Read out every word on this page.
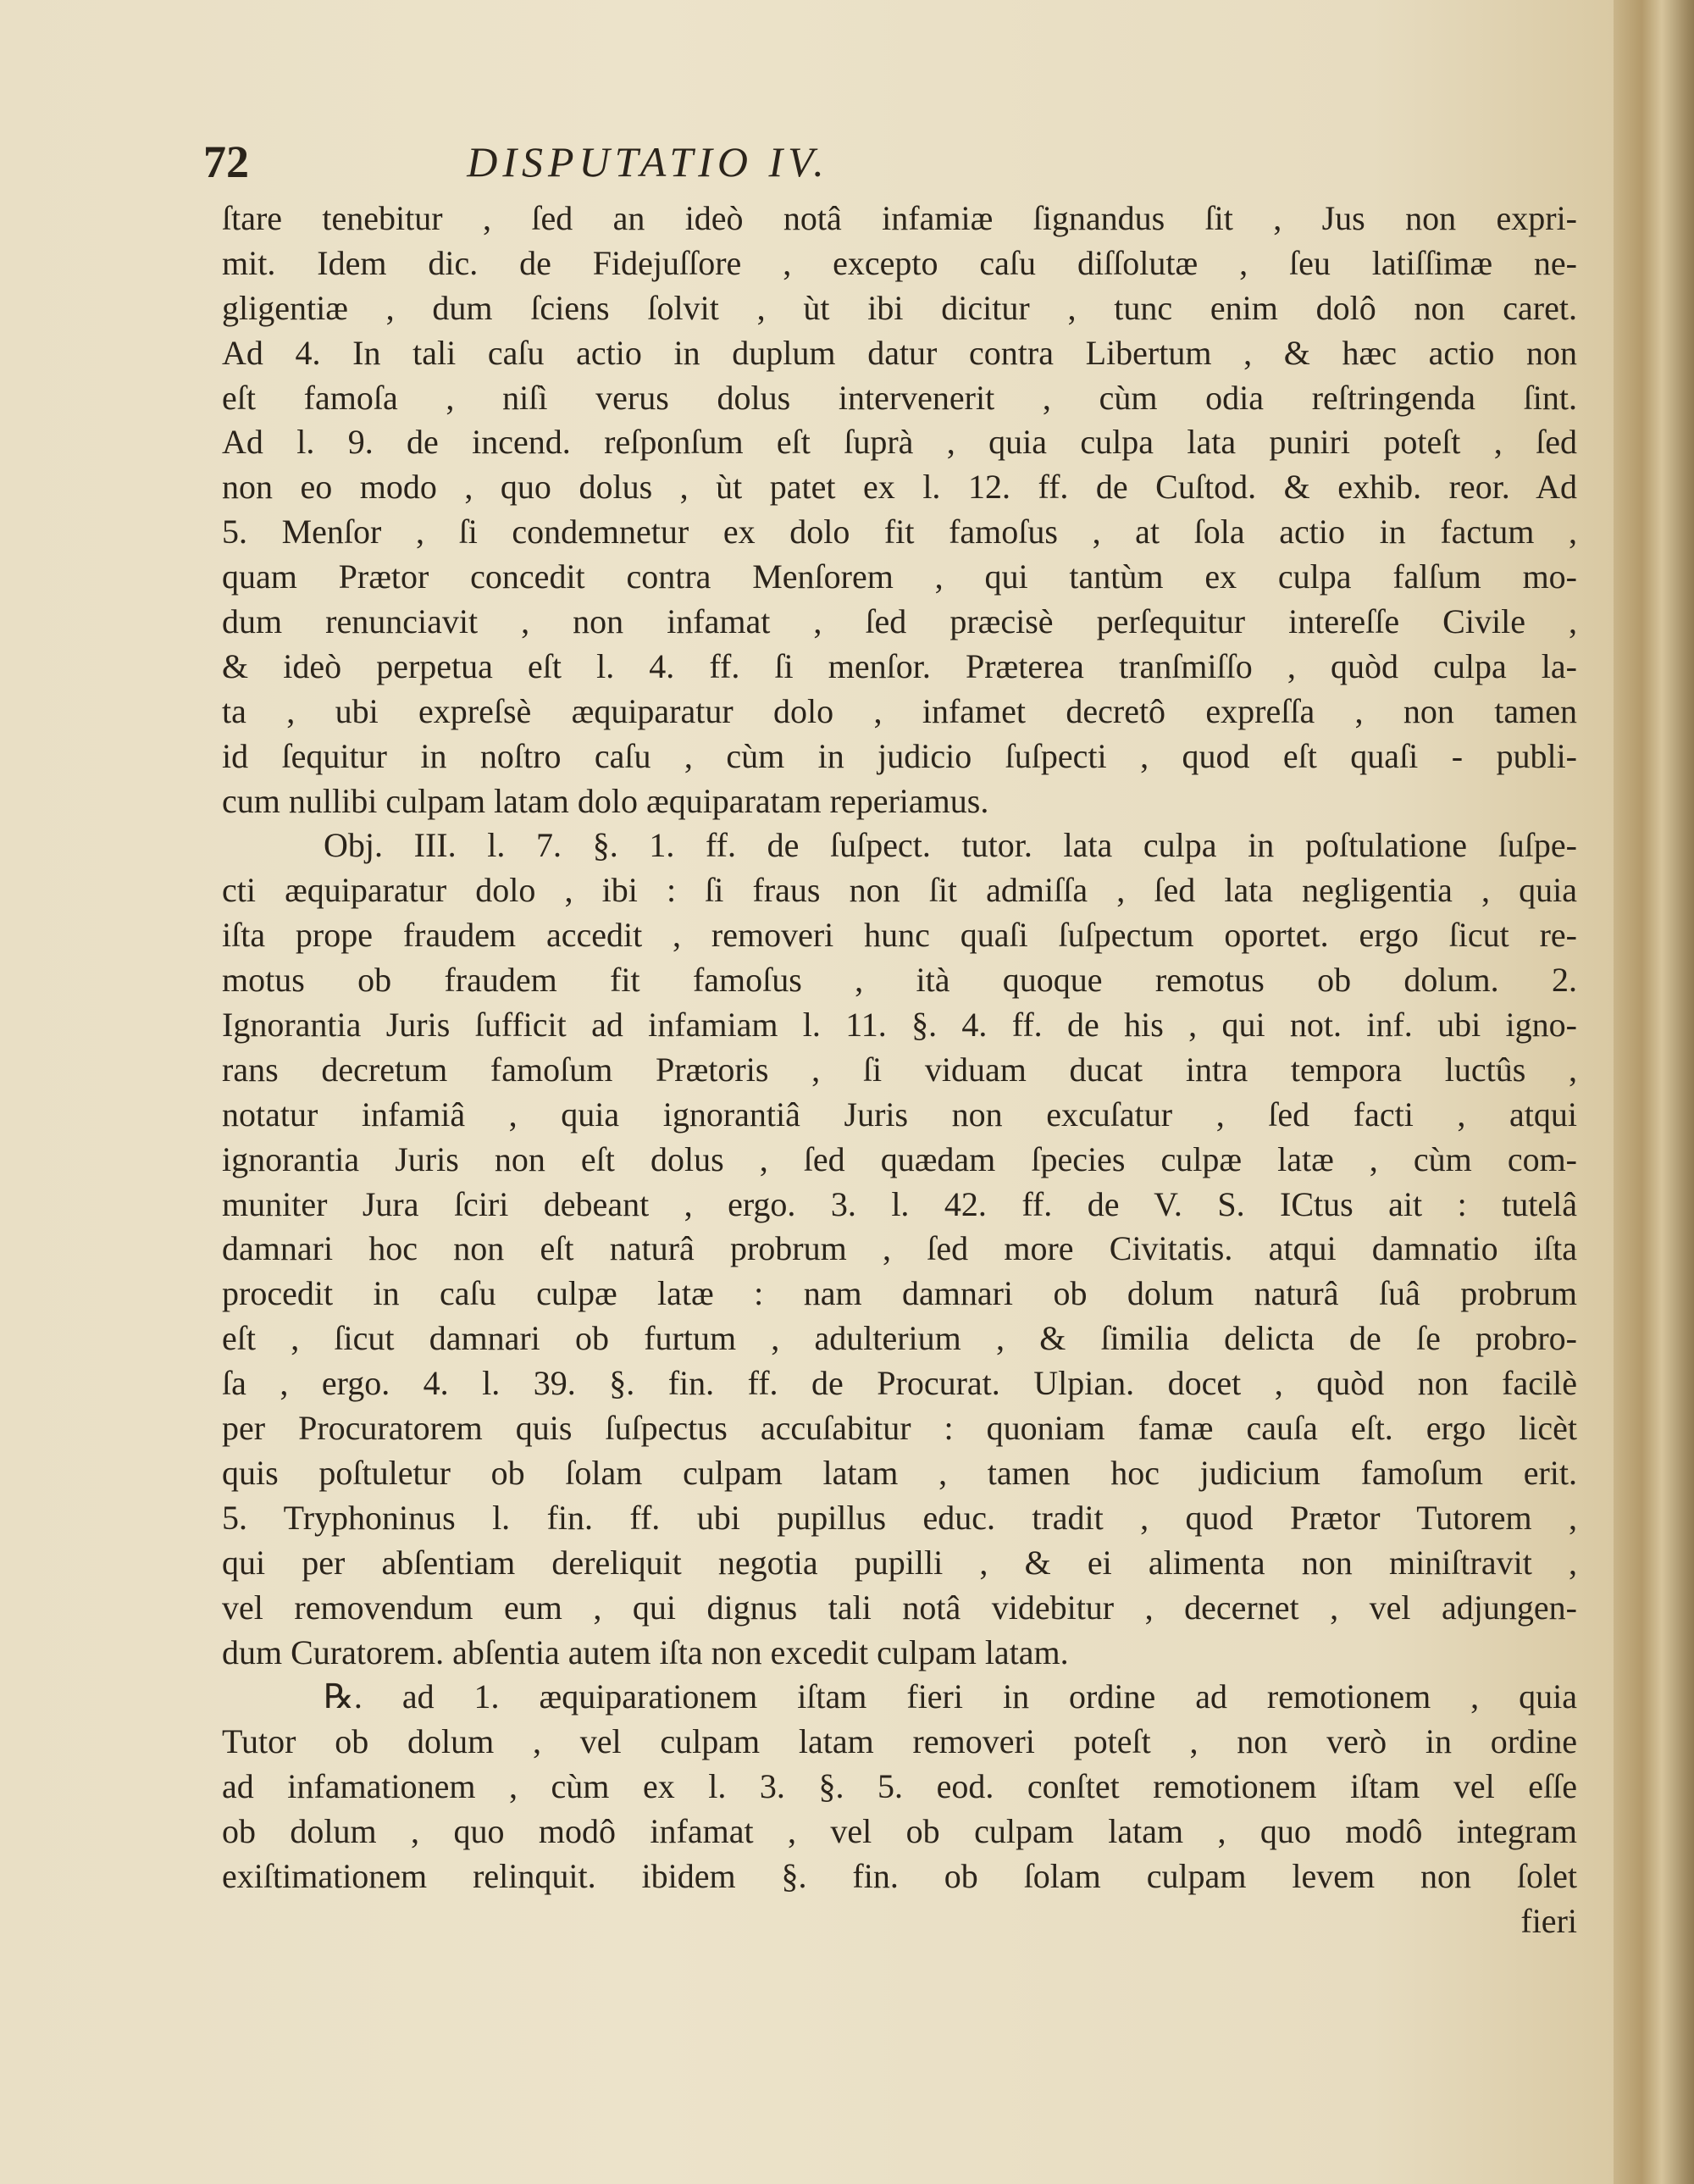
72	DISPUTATIO IV.
ſtare tenebitur , ſed an ideò notâ infamiæ ſignandus ſit , Jus non expri-
mit. Idem dic. de Fidejuſſore , excepto caſu diſſolutæ , ſeu latiſſimæ ne-
gligentiæ , dum ſciens ſolvit , ùt ibi dicitur , tunc enim dolô non caret.
Ad 4. In tali caſu actio in duplum datur contra Libertum , & hæc actio non
eſt famoſa , niſì verus dolus intervenerit , cùm odia reſtringenda ſint.
Ad l. 9. de incend. reſponſum eſt ſuprà , quia culpa lata puniri poteſt , ſed
non eo modo , quo dolus , ùt patet ex l. 12. ff. de Cuſtod. & exhib. reor. Ad
5. Menſor , ſi condemnetur ex dolo fit famoſus , at ſola actio in factum ,
quam Prætor concedit contra Menſorem , qui tantùm ex culpa falſum mo-
dum renunciavit , non infamat , ſed præcisè perſequitur intereſſe Civile ,
& ideò perpetua eſt l. 4. ff. ſi menſor. Præterea tranſmiſſo , quòd culpa la-
ta , ubi expreſsè æquiparatur dolo , infamet decretô expreſſa , non tamen
id ſequitur in noſtro caſu , cùm in judicio ſuſpecti , quod eſt quaſi - publi-
cum nullibi culpam latam dolo æquiparatam reperiamus.
Obj. III. l. 7. §. 1. ff. de ſuſpect. tutor. lata culpa in poſtulatione ſuſpe-
cti æquiparatur dolo , ibi : ſi fraus non ſit admiſſa , ſed lata negligentia , quia
iſta prope fraudem accedit , removeri hunc quaſi ſuſpectum oportet. ergo ſicut re-
motus ob fraudem fit famoſus , ità quoque remotus ob dolum. 2.
Ignorantia Juris ſufficit ad infamiam l. 11. §. 4. ff. de his , qui not. inf. ubi igno-
rans decretum famoſum Prætoris , ſi viduam ducat intra tempora luctûs ,
notatur infamiâ , quia ignorantiâ Juris non excuſatur , ſed facti , atqui
ignorantia Juris non eſt dolus , ſed quædam ſpecies culpæ latæ , cùm com-
muniter Jura ſciri debeant , ergo. 3. l. 42. ff. de V. S. ICtus ait : tutelâ
damnari hoc non eſt naturâ probrum , ſed more Civitatis. atqui damnatio iſta
procedit in caſu culpæ latæ : nam damnari ob dolum naturâ ſuâ probrum
eſt , ſicut damnari ob furtum , adulterium , & ſimilia delicta de ſe probro-
ſa , ergo. 4. l. 39. §. fin. ff. de Procurat. Ulpian. docet , quòd non facilè
per Procuratorem quis ſuſpectus accuſabitur : quoniam famæ cauſa eſt. ergo licèt
quis poſtuletur ob ſolam culpam latam , tamen hoc judicium famoſum erit.
5. Tryphoninus l. fin. ff. ubi pupillus educ. tradit , quod Prætor Tutorem ,
qui per abſentiam dereliquit negotia pupilli , & ei alimenta non miniſtravit ,
vel removendum eum , qui dignus tali notâ videbitur , decernet , vel adjungen-
dum Curatorem. abſentia autem iſta non excedit culpam latam.
℞. ad 1. æquiparationem iſtam fieri in ordine ad remotionem , quia
Tutor ob dolum , vel culpam latam removeri poteſt , non verò in ordine
ad infamationem , cùm ex l. 3. §. 5. eod. conſtet remotionem iſtam vel eſſe
ob dolum , quo modô infamat , vel ob culpam latam , quo modô integram
exiſtimationem relinquit. ibidem §. fin. ob ſolam culpam levem non ſolet
fieri
